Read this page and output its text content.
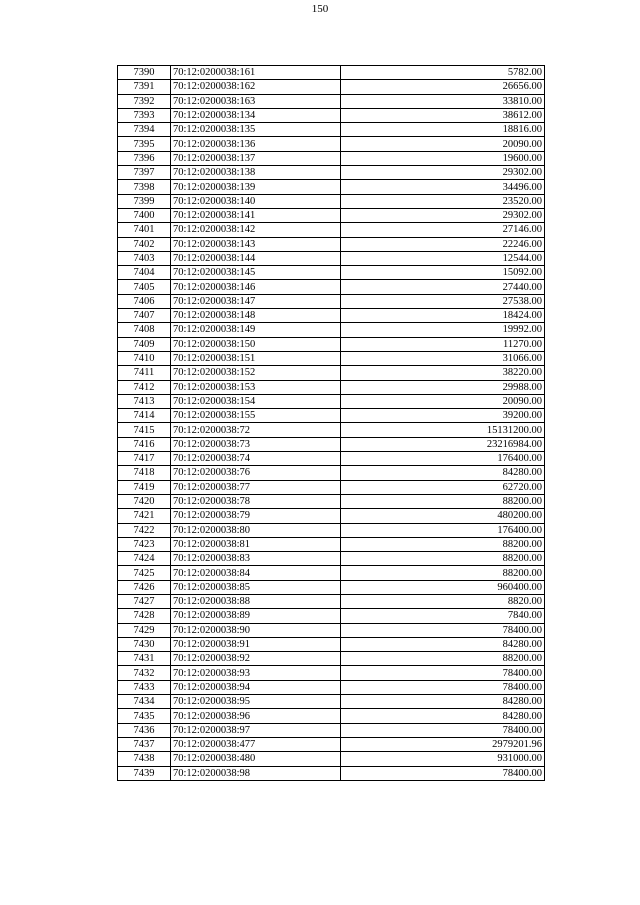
150
7390	70:12:0200038:161	5782.00
7391	70:12:0200038:162	26656.00
7392	70:12:0200038:163	33810.00
7393	70:12:0200038:134	38612.00
7394	70:12:0200038:135	18816.00
7395	70:12:0200038:136	20090.00
7396	70:12:0200038:137	19600.00
7397	70:12:0200038:138	29302.00
7398	70:12:0200038:139	34496.00
7399	70:12:0200038:140	23520.00
7400	70:12:0200038:141	29302.00
7401	70:12:0200038:142	27146.00
7402	70:12:0200038:143	22246.00
7403	70:12:0200038:144	12544.00
7404	70:12:0200038:145	15092.00
7405	70:12:0200038:146	27440.00
7406	70:12:0200038:147	27538.00
7407	70:12:0200038:148	18424.00
7408	70:12:0200038:149	19992.00
7409	70:12:0200038:150	11270.00
7410	70:12:0200038:151	31066.00
7411	70:12:0200038:152	38220.00
7412	70:12:0200038:153	29988.00
7413	70:12:0200038:154	20090.00
7414	70:12:0200038:155	39200.00
7415	70:12:0200038:72	15131200.00
7416	70:12:0200038:73	23216984.00
7417	70:12:0200038:74	176400.00
7418	70:12:0200038:76	84280.00
7419	70:12:0200038:77	62720.00
7420	70:12:0200038:78	88200.00
7421	70:12:0200038:79	480200.00
7422	70:12:0200038:80	176400.00
7423	70:12:0200038:81	88200.00
7424	70:12:0200038:83	88200.00
7425	70:12:0200038:84	88200.00
7426	70:12:0200038:85	960400.00
7427	70:12:0200038:88	8820.00
7428	70:12:0200038:89	7840.00
7429	70:12:0200038:90	78400.00
7430	70:12:0200038:91	84280.00
7431	70:12:0200038:92	88200.00
7432	70:12:0200038:93	78400.00
7433	70:12:0200038:94	78400.00
7434	70:12:0200038:95	84280.00
7435	70:12:0200038:96	84280.00
7436	70:12:0200038:97	78400.00
7437	70:12:0200038:477	2979201.96
7438	70:12:0200038:480	931000.00
7439	70:12:0200038:98	78400.00
